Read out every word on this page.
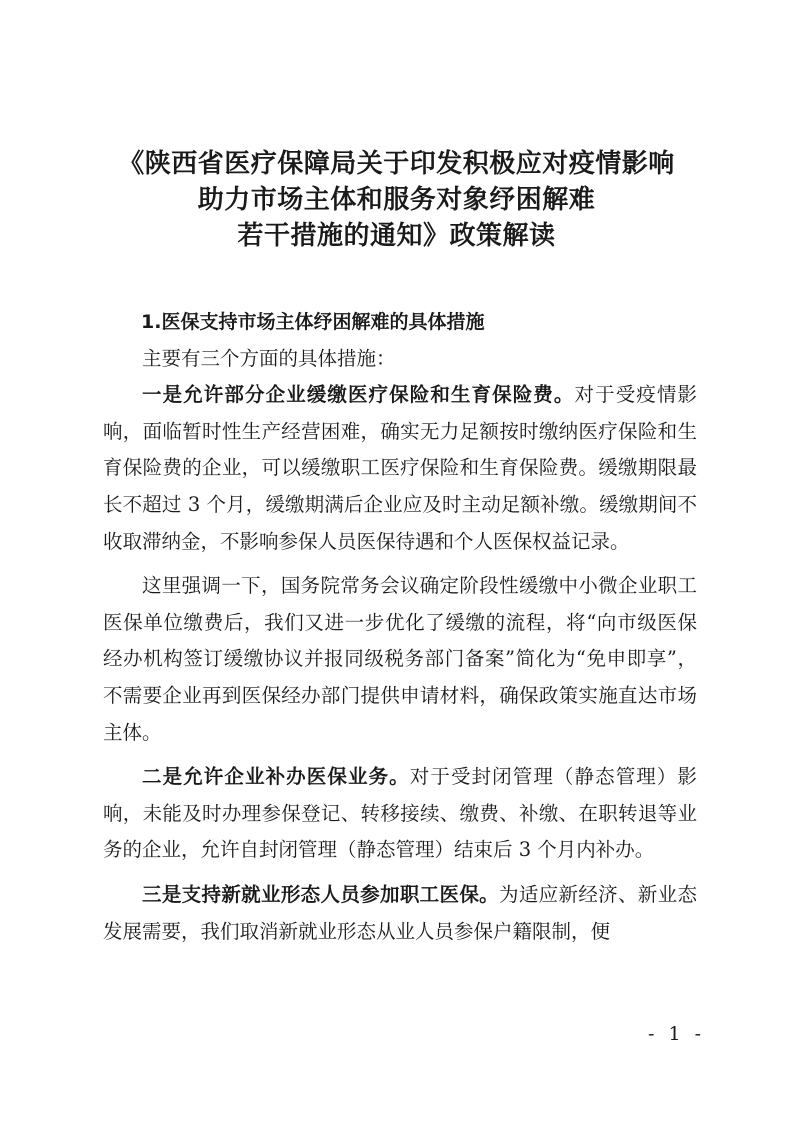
《陕西省医疗保障局关于印发积极应对疫情影响
助力市场主体和服务对象纾困解难
若干措施的通知》政策解读

1.医保支持市场主体纾困解难的具体措施

主要有三个方面的具体措施：

一是允许部分企业缓缴医疗保险和生育保险费。对于受疫情影响，面临暂时性生产经营困难，确实无力足额按时缴纳医疗保险和生育保险费的企业，可以缓缴职工医疗保险和生育保险费。缓缴期限最长不超过 3 个月，缓缴期满后企业应及时主动足额补缴。缓缴期间不收取滞纳金，不影响参保人员医保待遇和个人医保权益记录。

这里强调一下，国务院常务会议确定阶段性缓缴中小微企业职工医保单位缴费后，我们又进一步优化了缓缴的流程，将“向市级医保经办机构签订缓缴协议并报同级税务部门备案”简化为“免申即享”，不需要企业再到医保经办部门提供申请材料，确保政策实施直达市场主体。

二是允许企业补办医保业务。对于受封闭管理（静态管理）影响，未能及时办理参保登记、转移接续、缴费、补缴、在职转退等业务的企业，允许自封闭管理（静态管理）结束后 3 个月内补办。

三是支持新就业形态人员参加职工医保。为适应新经济、新业态发展需要，我们取消新就业形态从业人员参保户籍限制，便

- 1 -
